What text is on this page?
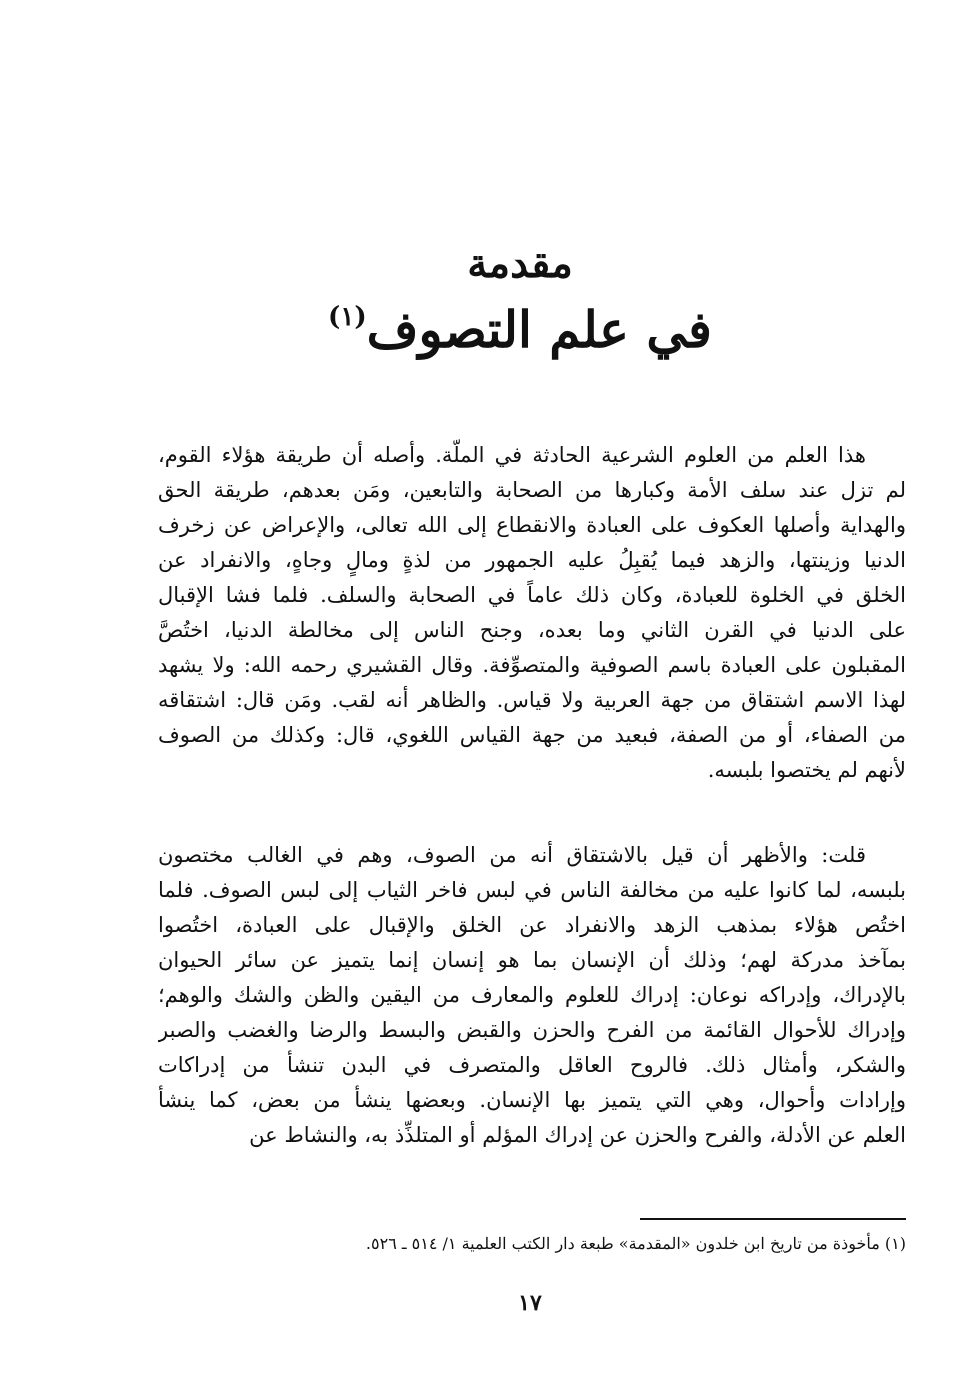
مقدمة
في علم التصوف$^{(١)}$
هذا العلم من العلوم الشرعية الحادثة في الملّة. وأصله أن طريقة هؤلاء القوم،
لم تزل عند سلف الأمة وكبارها من الصحابة والتابعين، ومَن بعدهم، طريقة الحق
والهداية وأصلها العكوف على العبادة والانقطاع إلى الله تعالى، والإعراض عن زخرف
الدنيا وزينتها، والزهد فيما يُقبِلُ عليه الجمهور من لذةٍ ومالٍ وجاهٍ، والانفراد عن
الخلق في الخلوة للعبادة، وكان ذلك عاماً في الصحابة والسلف. فلما فشا الإقبال
على الدنيا في القرن الثاني وما بعده، وجنح الناس إلى مخالطة الدنيا، اختُصَّ
المقبلون على العبادة باسم الصوفية والمتصوِّفة. وقال القشيري رحمه الله: ولا يشهد
لهذا الاسم اشتقاق من جهة العربية ولا قياس. والظاهر أنه لقب. ومَن قال: اشتقاقه
من الصفاء، أو من الصفة، فبعيد من جهة القياس اللغوي، قال: وكذلك من الصوف
لأنهم لم يختصوا بلبسه.
قلت: والأظهر أن قيل بالاشتقاق أنه من الصوف، وهم في الغالب مختصون
بلبسه، لما كانوا عليه من مخالفة الناس في لبس فاخر الثياب إلى لبس الصوف. فلما
اختُص هؤلاء بمذهب الزهد والانفراد عن الخلق والإقبال على العبادة، اختُصوا
بمآخذ مدركة لهم؛ وذلك أن الإنسان بما هو إنسان إنما يتميز عن سائر الحيوان
بالإدراك، وإدراكه نوعان: إدراك للعلوم والمعارف من اليقين والظن والشك والوهم؛
وإدراك للأحوال القائمة من الفرح والحزن والقبض والبسط والرضا والغضب والصبر
والشكر، وأمثال ذلك. فالروح العاقل والمتصرف في البدن تنشأ من إدراكات
وإرادات وأحوال، وهي التي يتميز بها الإنسان. وبعضها ينشأ من بعض، كما ينشأ
العلم عن الأدلة، والفرح والحزن عن إدراك المؤلم أو المتلذِّذ به، والنشاط عن
(١) مأخوذة من تاريخ ابن خلدون «المقدمة» طبعة دار الكتب العلمية ١/ ٥١٤ ـ ٥٢٦.
١٧
